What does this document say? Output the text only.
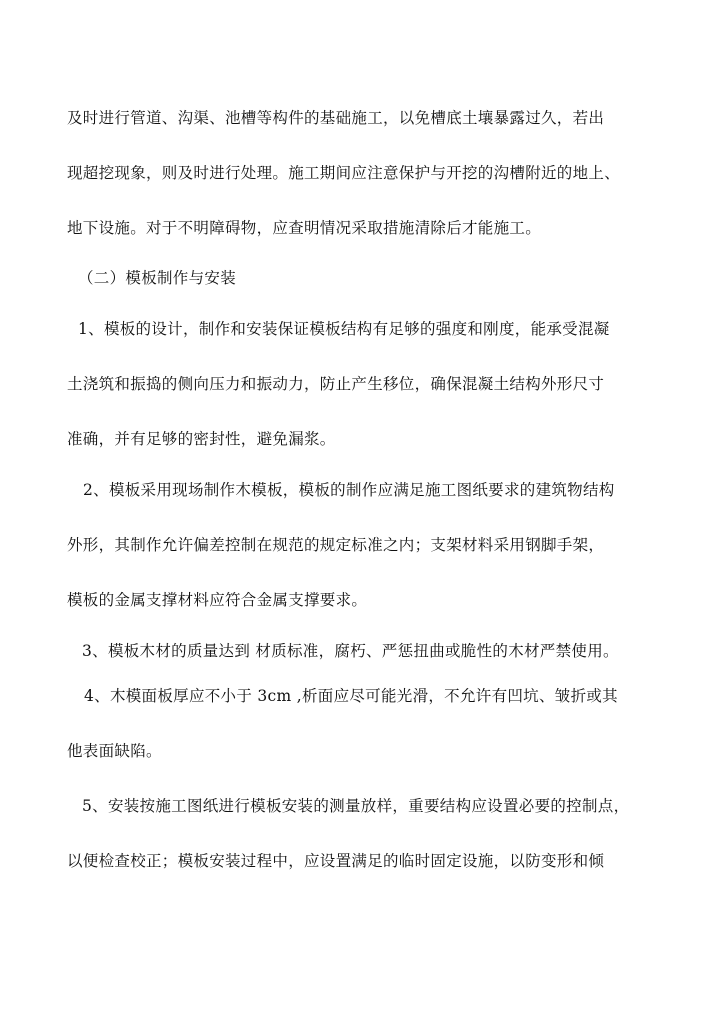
及时进行管道、沟渠、池槽等构件的基础施工，以免槽底土壤暴露过久，若出
现超挖现象，则及时进行处理。施工期间应注意保护与开挖的沟槽附近的地上、
地下设施。对于不明障碍物，应查明情况采取措施清除后才能施工。
（二）模板制作与安装
1、模板的设计，制作和安装保证模板结构有足够的强度和刚度，能承受混凝
土浇筑和振捣的侧向压力和振动力，防止产生移位，确保混凝土结构外形尺寸
准确，并有足够的密封性，避免漏浆。
2、模板采用现场制作木模板，模板的制作应满足施工图纸要求的建筑物结构
外形，其制作允许偏差控制在规范的规定标准之内；支架材料采用钢脚手架，
模板的金属支撑材料应符合金属支撑要求。
3、模板木材的质量达到 材质标准，腐朽、严惩扭曲或脆性的木材严禁使用。
4、木模面板厚应不小于 3cm ,析面应尽可能光滑，不允许有凹坑、皱折或其
他表面缺陷。
5、安装按施工图纸进行模板安装的测量放样，重要结构应设置必要的控制点，
以便检查校正；模板安装过程中，应设置满足的临时固定设施，以防变形和倾
